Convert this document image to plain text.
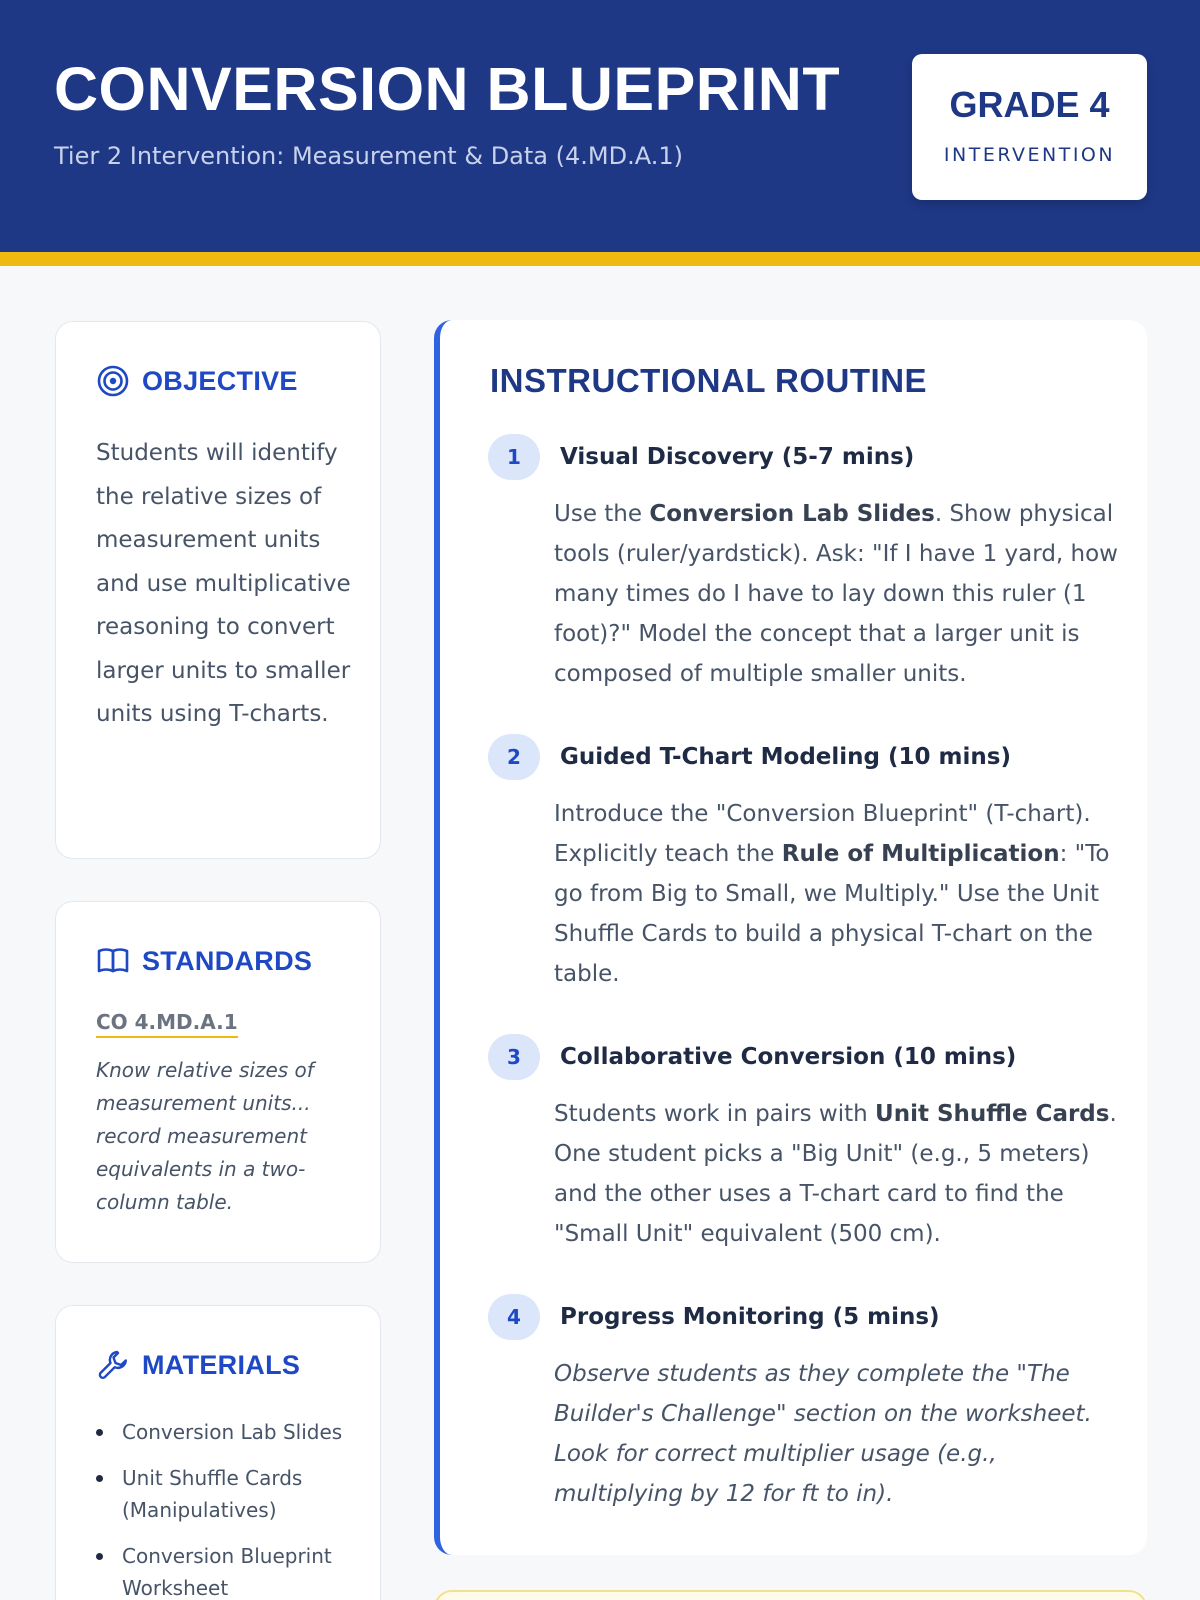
CONVERSION BLUEPRINT
Tier 2 Intervention: Measurement & Data (4.MD.A.1)
GRADE 4
INTERVENTION
OBJECTIVE

Students will identify the relative sizes of measurement units and use multiplicative reasoning to convert larger units to smaller units using T-charts.

STANDARDS
CO 4.MD.A.1

Know relative sizes of measurement units... record measurement equivalents in a two-column table.

MATERIALS
Conversion Lab Slides
Unit Shuffle Cards (Manipulatives)
Conversion Blueprint Worksheet
INSTRUCTIONAL ROUTINE
1	Visual Discovery (5-7 mins)

Use the Conversion Lab Slides. Show physical tools (ruler/yardstick). Ask: "If I have 1 yard, how many times do I have to lay down this ruler (1 foot)?" Model the concept that a larger unit is composed of multiple smaller units.

2	Guided T-Chart Modeling (10 mins)

Introduce the "Conversion Blueprint" (T-chart). Explicitly teach the Rule of Multiplication: "To go from Big to Small, we Multiply." Use the Unit Shuffle Cards to build a physical T-chart on the table.

3	Collaborative Conversion (10 mins)

Students work in pairs with Unit Shuffle Cards. One student picks a "Big Unit" (e.g., 5 meters) and the other uses a T-chart card to find the "Small Unit" equivalent (500 cm).

4	Progress Monitoring (5 mins)

Observe students as they complete the "The Builder's Challenge" section on the worksheet. Look for correct multiplier usage (e.g., multiplying by 12 for ft to in).
